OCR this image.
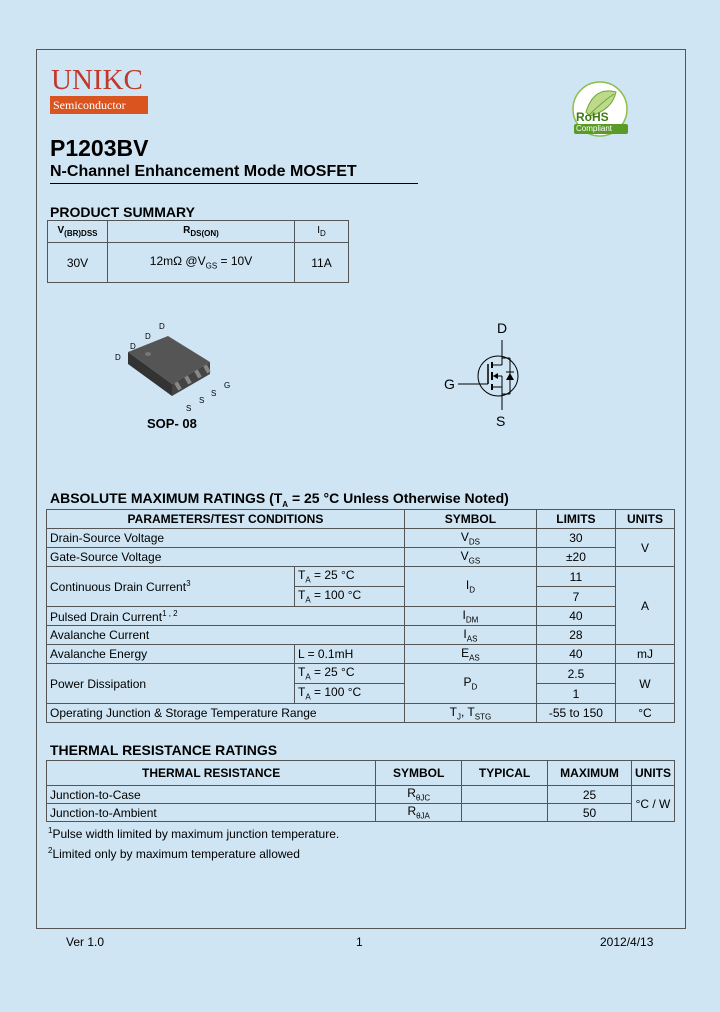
UNIKC
Semiconductor
RoHS
Compliant
P1203BV
N-Channel Enhancement Mode MOSFET
PRODUCT SUMMARY
$V_{(BR)DSS}$	$R_{DS(ON)}$	$I_D$
30V	12mΩ $@V_{GS} = 10V$	11A
D
D
D
D
S
S
S
G
SOP- 08
D
G
S
ABSOLUTE MAXIMUM RATINGS ($T_A = 25$ °C Unless Otherwise Noted)
PARAMETERS/TEST CONDITIONS		SYMBOL	LIMITS	UNITS
Drain-Source Voltage		$V_{DS}$	30	V
Gate-Source Voltage		$V_{GS}$	±20	
Continuous Drain Current$^3$	$T_A = 25$ °C	$I_D$	11	A
	$T_A = 100$ °C		7	
Pulsed Drain Current$^{1 , 2}$		$I_{DM}$	40	
Avalanche Current		$I_{AS}$	28	
Avalanche Energy	L = 0.1mH	$E_{AS}$	40	mJ
Power Dissipation	$T_A = 25$ °C	$P_D$	2.5	W
	$T_A = 100$ °C		1	
Operating Junction & Storage Temperature Range		$T_J$, $T_{STG}$	-55 to 150	°C
THERMAL RESISTANCE RATINGS
THERMAL RESISTANCE	SYMBOL	TYPICAL	MAXIMUM	UNITS
Junction-to-Case	$R_{\theta JC}$		25	°C / W
Junction-to-Ambient	$R_{\theta JA}$		50	
$^1$Pulse width limited by maximum junction temperature.
$^2$Limited only by maximum temperature allowed
Ver 1.0	1	2012/4/13
